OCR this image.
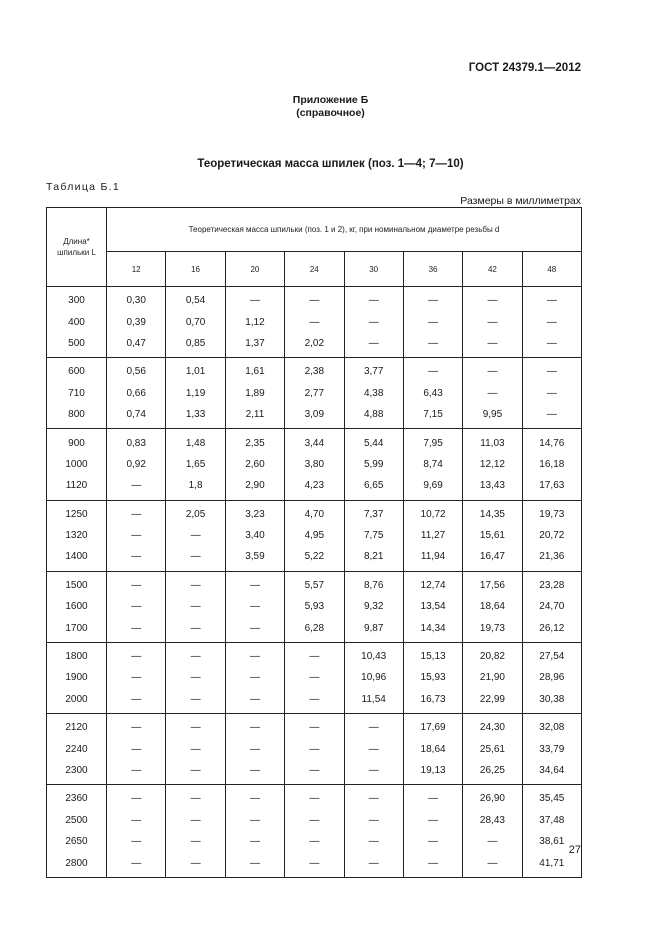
ГОСТ 24379.1—2012
Приложение Б
(справочное)
Теоретическая масса шпилек (поз. 1—4; 7—10)
Таблица Б.1
Размеры в миллиметрах
Длина*
шпильки L	Теоретическая масса шпильки (поз. 1 и 2), кг, при номинальном диаметре резьбы d							
	12	16	20	24	30	36	42	48
300	0,30	0,54	—	—	—	—	—	—
400	0,39	0,70	1,12	—	—	—	—	—
500	0,47	0,85	1,37	2,02	—	—	—	—
600	0,56	1,01	1,61	2,38	3,77	—	—	—
710	0,66	1,19	1,89	2,77	4,38	6,43	—	—
800	0,74	1,33	2,11	3,09	4,88	7,15	9,95	—
900	0,83	1,48	2,35	3,44	5,44	7,95	11,03	14,76
1000	0,92	1,65	2,60	3,80	5,99	8,74	12,12	16,18
1120	—	1,8	2,90	4,23	6,65	9,69	13,43	17,63
1250	—	2,05	3,23	4,70	7,37	10,72	14,35	19,73
1320	—	—	3,40	4,95	7,75	11,27	15,61	20,72
1400	—	—	3,59	5,22	8,21	11,94	16,47	21,36
1500	—	—	—	5,57	8,76	12,74	17,56	23,28
1600	—	—	—	5,93	9,32	13,54	18,64	24,70
1700	—	—	—	6,28	9,87	14,34	19,73	26,12
1800	—	—	—	—	10,43	15,13	20,82	27,54
1900	—	—	—	—	10,96	15,93	21,90	28,96
2000	—	—	—	—	11,54	16,73	22,99	30,38
2120	—	—	—	—	—	17,69	24,30	32,08
2240	—	—	—	—	—	18,64	25,61	33,79
2300	—	—	—	—	—	19,13	26,25	34,64
2360	—	—	—	—	—	—	26,90	35,45
2500	—	—	—	—	—	—	28,43	37,48
2650	—	—	—	—	—	—	—	38,61
2800	—	—	—	—	—	—	—	41,71
27
